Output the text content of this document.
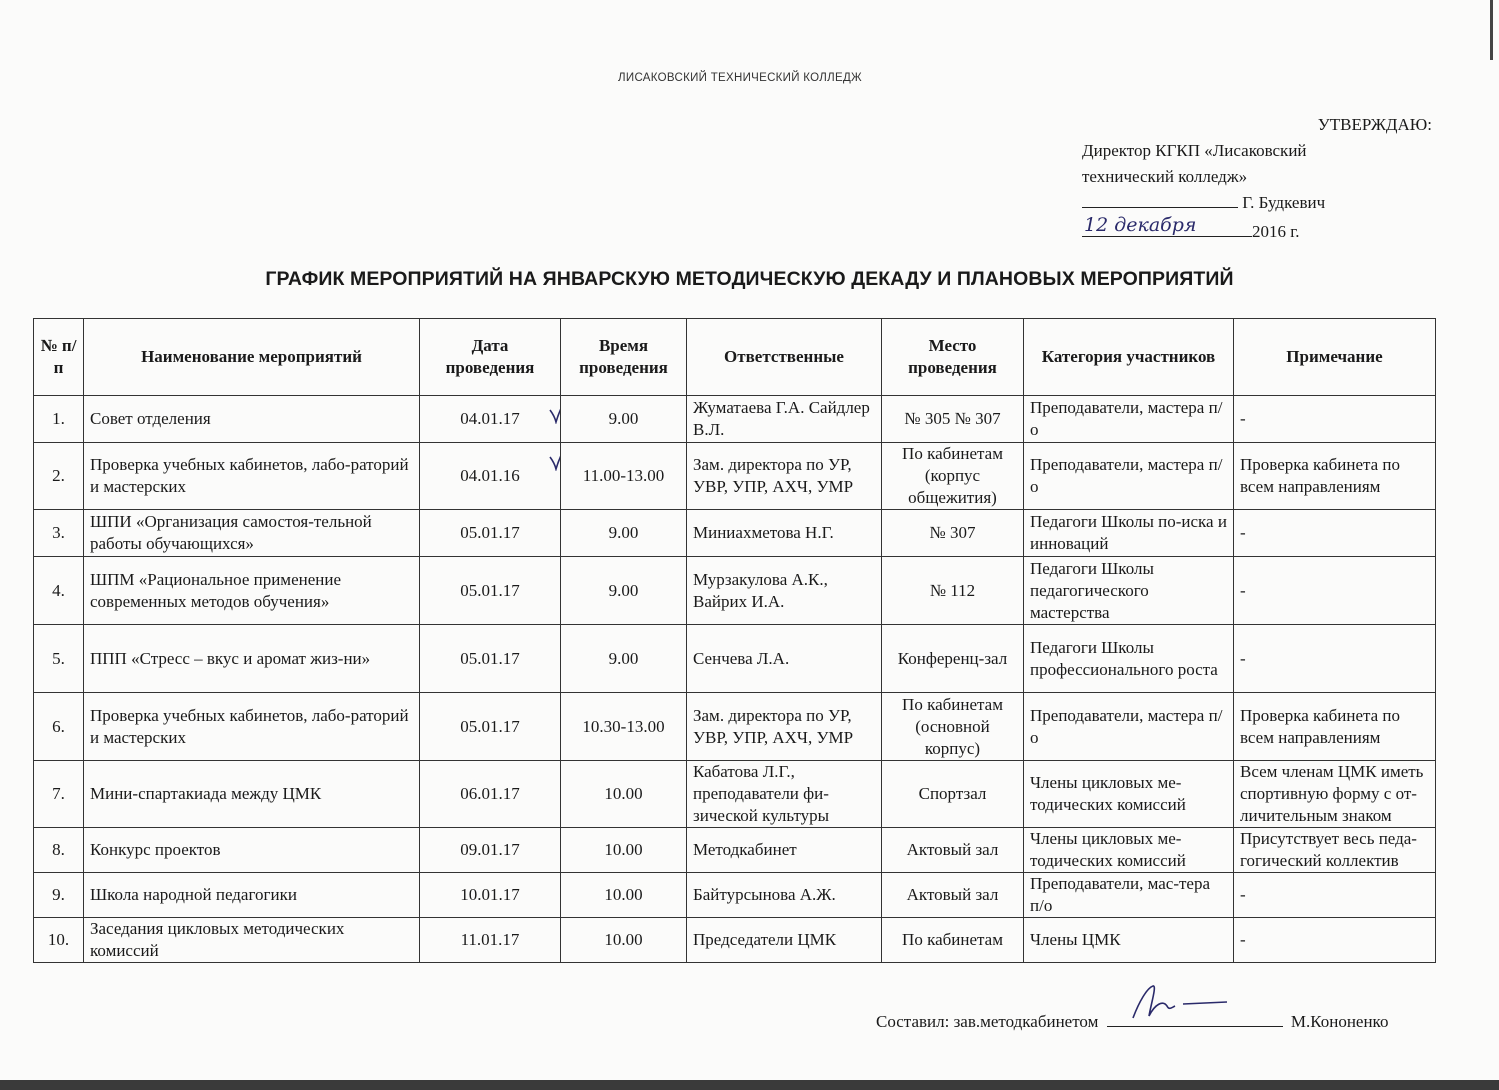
ЛИСАКОВСКИЙ ТЕХНИЧЕСКИЙ КОЛЛЕДЖ
УТВЕРЖДАЮ:
Директор КГКП «Лисаковский
технический колледж»
Г. Будкевич
12 декабря	2016 г.
ГРАФИК МЕРОПРИЯТИЙ НА ЯНВАРСКУЮ МЕТОДИЧЕСКУЮ ДЕКАДУ И ПЛАНОВЫХ МЕРОПРИЯТИЙ
№ п/п	Наименование мероприятий	Дата проведения	Время проведения	Ответственные	Место проведения	Категория участников	Примечание
1.	Совет отделения	04.01.17	9.00	Жуматаева Г.А. Сайдлер В.Л.	№ 305 № 307	Преподаватели, мастера п/о	-
2.	Проверка учебных кабинетов, лабо-раторий и мастерских	04.01.16	11.00-13.00	Зам. директора по УР, УВР, УПР, АХЧ, УМР	По кабинетам (корпус общежития)	Преподаватели, мастера п/о	Проверка кабинета по всем направлениям
3.	ШПИ «Организация самостоя-тельной работы обучающихся»	05.01.17	9.00	Миниахметова Н.Г.	№ 307	Педагоги Школы по-иска и инноваций	-
4.	ШПМ «Рациональное применение современных методов обучения»	05.01.17	9.00	Мурзакулова А.К., Вайрих И.А.	№ 112	Педагоги Школы педагогического мастерства	-
5.	ППП «Стресс – вкус и аромат жиз-ни»	05.01.17	9.00	Сенчева Л.А.	Конференц-зал	Педагоги Школы профессионального роста	-
6.	Проверка учебных кабинетов, лабо-раторий и мастерских	05.01.17	10.30-13.00	Зам. директора по УР, УВР, УПР, АХЧ, УМР	По кабинетам (основной корпус)	Преподаватели, мастера п/о	Проверка кабинета по всем направлениям
7.	Мини-спартакиада между ЦМК	06.01.17	10.00	Кабатова Л.Г., преподаватели фи-зической культуры	Спортзал	Члены цикловых ме-тодических комиссий	Всем членам ЦМК иметь спортивную форму с от-личительным знаком
8.	Конкурс проектов	09.01.17	10.00	Методкабинет	Актовый зал	Члены цикловых ме-тодических комиссий	Присутствует весь педа-гогический коллектив
9.	Школа народной педагогики	10.01.17	10.00	Байтурсынова А.Ж.	Актовый зал	Преподаватели, мас-тера п/о	-
10.	Заседания цикловых методических комиссий	11.01.17	10.00	Председатели ЦМК	По кабинетам	Члены ЦМК	-
Составил: зав.методкабинетом	М.Кононенко
